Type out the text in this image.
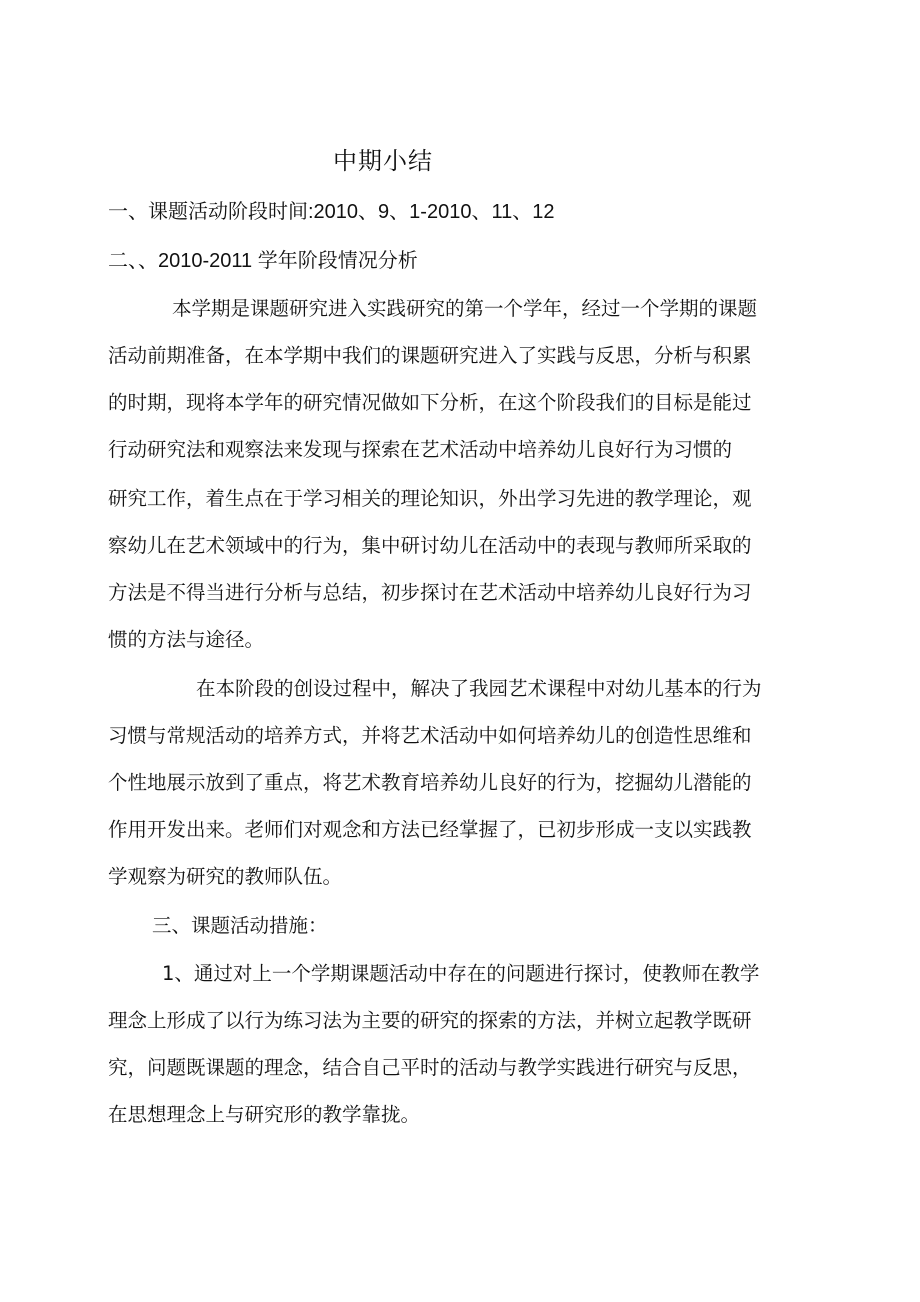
中期小结
一、课题活动阶段时间:2010、9、1-2010、11、12
二、、2010-2011 学年阶段情况分析
本学期是课题研究进入实践研究的第一个学年，经过一个学期的课题
活动前期准备，在本学期中我们的课题研究进入了实践与反思，分析与积累
的时期，现将本学年的研究情况做如下分析，在这个阶段我们的目标是能过
行动研究法和观察法来发现与探索在艺术活动中培养幼儿良好行为习惯的
研究工作，着生点在于学习相关的理论知识，外出学习先进的教学理论，观
察幼儿在艺术领域中的行为，集中研讨幼儿在活动中的表现与教师所采取的
方法是不得当进行分析与总结，初步探讨在艺术活动中培养幼儿良好行为习
惯的方法与途径。
在本阶段的创设过程中，解决了我园艺术课程中对幼儿基本的行为
习惯与常规活动的培养方式，并将艺术活动中如何培养幼儿的创造性思维和
个性地展示放到了重点，将艺术教育培养幼儿良好的行为，挖掘幼儿潜能的
作用开发出来。老师们对观念和方法已经掌握了，已初步形成一支以实践教
学观察为研究的教师队伍。
三、课题活动措施：
1、通过对上一个学期课题活动中存在的问题进行探讨，使教师在教学
理念上形成了以行为练习法为主要的研究的探索的方法，并树立起教学既研
究，问题既课题的理念，结合自己平时的活动与教学实践进行研究与反思，
在思想理念上与研究形的教学靠拢。
